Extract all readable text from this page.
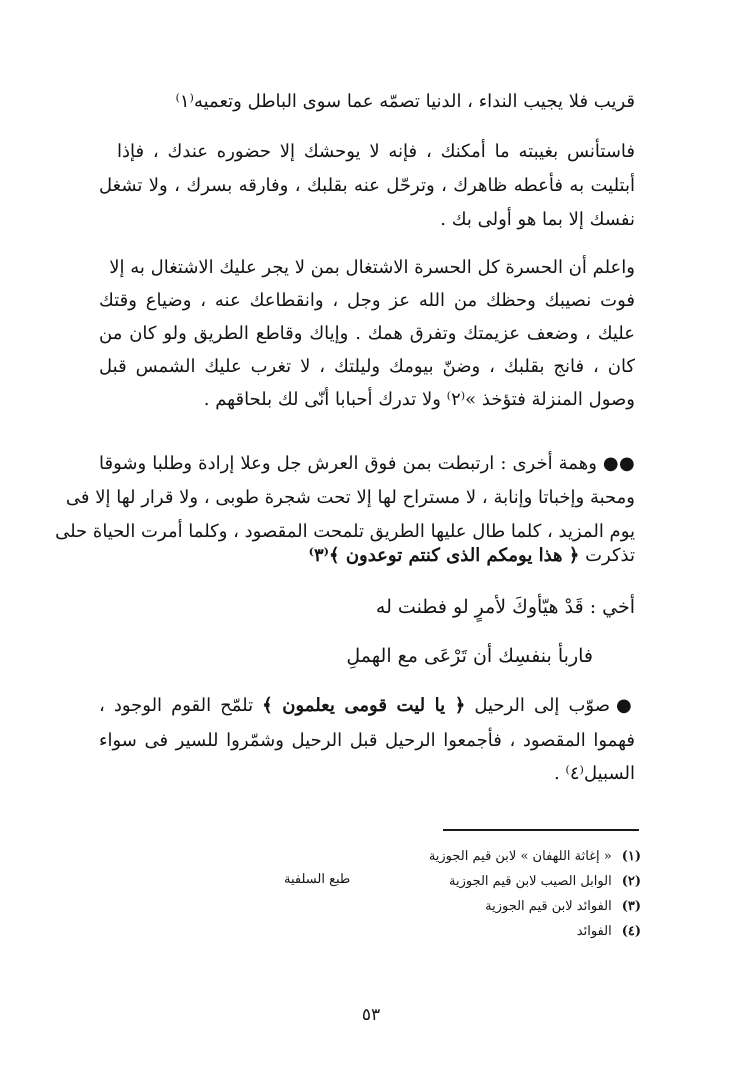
قريب فلا يجيب النداء ، الدنيا تصمّه عما سوى الباطل وتعميه⁽١⁾
فاستأنس بغيبته ما أمكنك ، فإنه لا يوحشك إلا حضوره عندك ، فإذا
أبتليت به فأعطه ظاهرك ، وترحّل عنه بقلبك ، وفارقه بسرك ، ولا تشغل
نفسك إلا بما هو أولى بك .
واعلم أن الحسرة كل الحسرة الاشتغال بمن لا يجر عليك الاشتغال به إلا
فوت نصيبك وحظك من الله عز وجل ، وانقطاعك عنه ، وضياع وقتك
عليك ، وضعف عزيمتك وتفرق همك . وإياك وقاطع الطريق ولو كان من
كان ، فانج بقلبك ، وضنّ بيومك وليلتك ، لا تغرب عليك الشمس قبل
وصول المنزلة فتؤخذ »⁽٢⁾ ولا تدرك أحبابا أنّى لك بلحاقهم .
●●وهمة أخرى : ارتبطت بمن فوق العرش جل وعلا إرادة وطلبا وشوقا
ومحبة وإخباتا وإنابة ، لا مستراح لها إلا تحت شجرة طوبى ، ولا قرار لها إلا فى
يوم المزيد ، كلما طال عليها الطريق تلمحت المقصود ، وكلما أمرت الحياة حلى
تذكرت ﴿ هذا يومكم الذى كنتم توعدون ﴾⁽٣⁾
أخي : قَدْ هيّأوكَ لأمرٍ لو فطنت له
فاربأ بنفسِك أن تَرْعَى مع الهملِ
●صوّب إلى الرحيل ﴿ يا ليت قومى يعلمون ﴾ تلمّح القوم الوجود ،
فهموا المقصود ، فأجمعوا الرحيل قبل الرحيل وشمّروا للسير فى سواء
السبيل⁽٤⁾ .
(١)« إغاثة اللهفان » لابن قيم الجوزية
(٢)الوابل الصيب لابن قيم الجوزية
(٣)الفوائد لابن قيم الجوزية
(٤)الفوائد
طبع السلفية
٥٣
